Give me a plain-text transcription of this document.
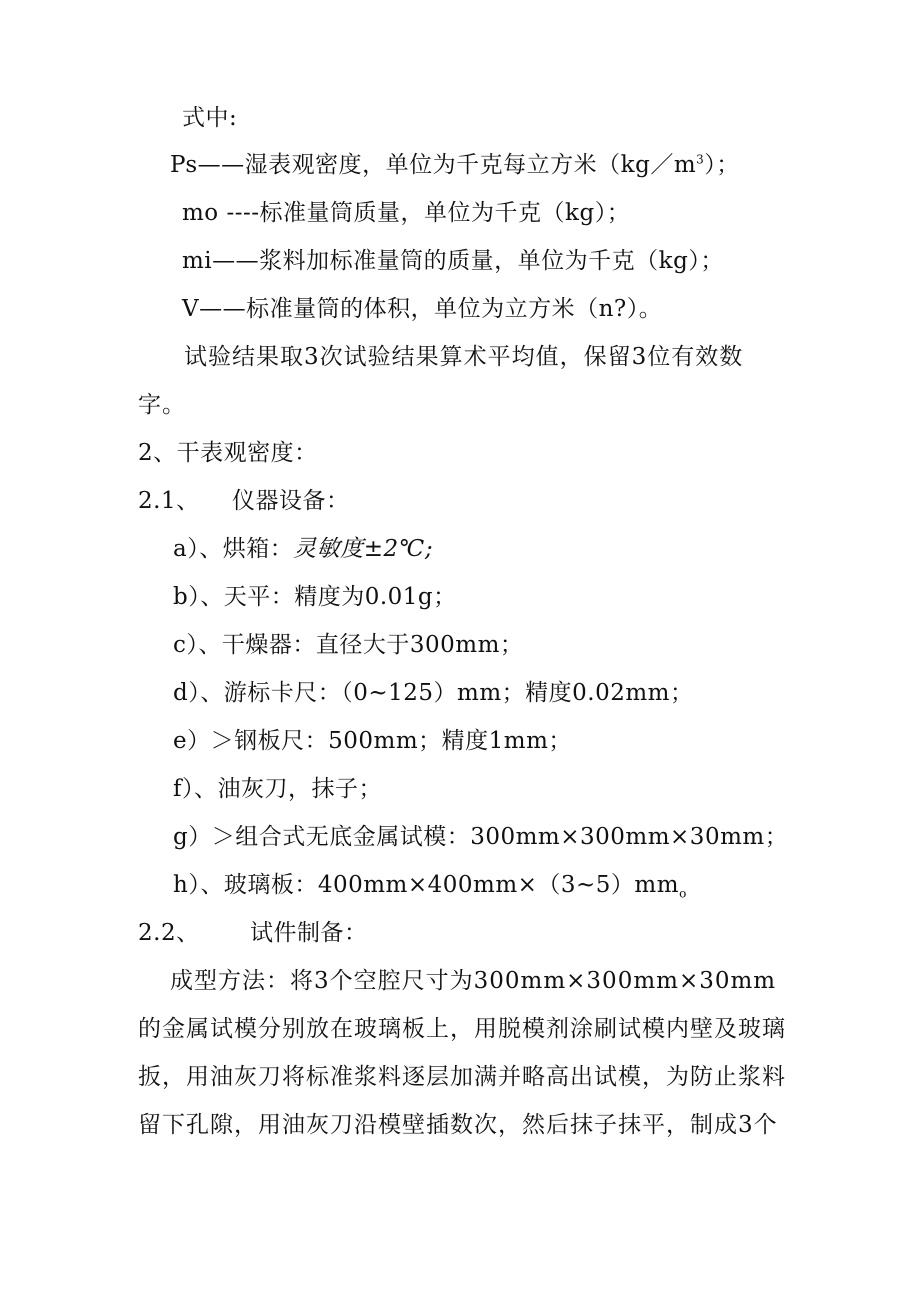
式中:
Ps——湿表观密度，单位为千克每立方米$(kg/m^3)$；
mo ----标准量筒质量，单位为千克（kg）；
mi——浆料加标准量筒的质量，单位为千克（kg）；
V——标准量筒的体积，单位为立方米（n?）。
试验结果取3次试验结果算术平均值，保留3位有效数字。
2、干表观密度：
2.1、 仪器设备：
a）、烘箱：灵敏度±2℃;
b）、天平：精度为0.01g；
c）、干燥器：直径大于300mm；
d）、游标卡尺：（0~125）mm；精度0.02mm；
e）＞钢板尺：500mm；精度1mm；
f）、油灰刀，抹子；
g）＞组合式无底金属试模：300mm×300mm×30mm；
h）、玻璃板：$400mm\times 400mm\times(3\sim 5)mm_o$
2.2、 试件制备：
成型方法：将3个空腔尺寸为300mm×300mm×30mm的金属试模分别放在玻璃板上，用脱模剂涂刷试模内壁及玻璃扳，用油灰刀将标准浆料逐层加满并略高出试模，为防止浆料留下孔隙，用油灰刀沿模壁插数次，然后抹子抹平，制成3个
